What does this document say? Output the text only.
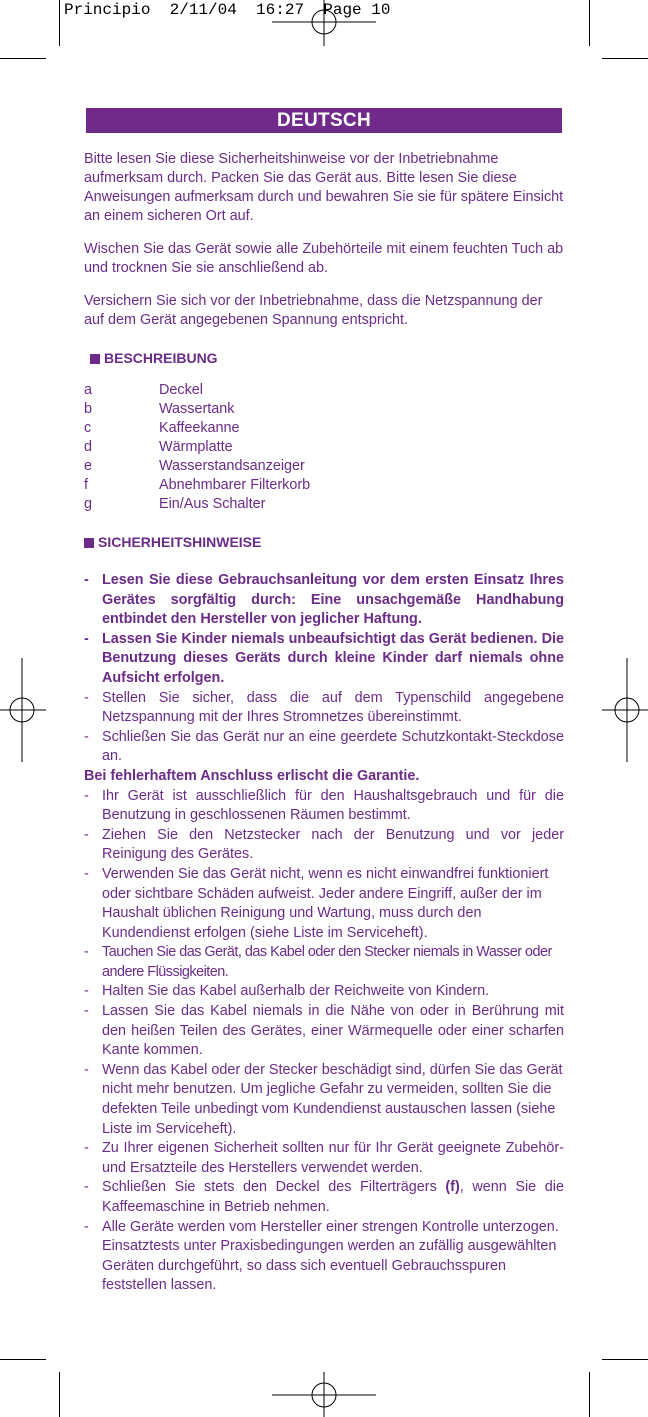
Principio  2/11/04  16:27  Page 10
DEUTSCH

Bitte lesen Sie diese Sicherheitshinweise vor der Inbetriebnahme aufmerksam durch. Packen Sie das Gerät aus. Bitte lesen Sie diese Anweisungen aufmerksam durch und bewahren Sie sie für spätere Einsicht an einem sicheren Ort auf.

Wischen Sie das Gerät sowie alle Zubehörteile mit einem feuchten Tuch ab und trocknen Sie sie anschließend ab.

Versichern Sie sich vor der Inbetriebnahme, dass die Netzspannung der auf dem Gerät angegebenen Spannung entspricht.

BESCHREIBUNG
a	Deckel
b	Wassertank
c	Kaffeekanne
d	Wärmplatte
e	Wasserstandsanzeiger
f	Abnehmbarer Filterkorb
g	Ein/Aus Schalter
SICHERHEITSHINWEISE
- Lesen Sie diese Gebrauchsanleitung vor dem ersten Einsatz Ihres Gerätes sorgfältig durch: Eine unsachgemäße Handhabung entbindet den Hersteller von jeglicher Haftung.
- Lassen Sie Kinder niemals unbeaufsichtigt das Gerät bedienen. Die Benutzung dieses Geräts durch kleine Kinder darf niemals ohne Aufsicht erfolgen.
- Stellen Sie sicher, dass die auf dem Typenschild angegebene Netzspannung mit der Ihres Stromnetzes übereinstimmt.
- Schließen Sie das Gerät nur an eine geerdete Schutzkontakt-Steckdose an.
Bei fehlerhaftem Anschluss erlischt die Garantie.
- Ihr Gerät ist ausschließlich für den Haushaltsgebrauch und für die Benutzung in geschlossenen Räumen bestimmt.
- Ziehen Sie den Netzstecker nach der Benutzung und vor jeder Reinigung des Gerätes.
- Verwenden Sie das Gerät nicht, wenn es nicht einwandfrei funktioniert oder sichtbare Schäden aufweist. Jeder andere Eingriff, außer der im Haushalt üblichen Reinigung und Wartung, muss durch den Kundendienst erfolgen (siehe Liste im Serviceheft).
- Tauchen Sie das Gerät, das Kabel oder den Stecker niemals in Wasser oder andere Flüssigkeiten.
- Halten Sie das Kabel außerhalb der Reichweite von Kindern.
- Lassen Sie das Kabel niemals in die Nähe von oder in Berührung mit den heißen Teilen des Gerätes, einer Wärmequelle oder einer scharfen Kante kommen.
- Wenn das Kabel oder der Stecker beschädigt sind, dürfen Sie das Gerät nicht mehr benutzen. Um jegliche Gefahr zu vermeiden, sollten Sie die defekten Teile unbedingt vom Kundendienst austauschen lassen (siehe Liste im Serviceheft).
- Zu Ihrer eigenen Sicherheit sollten nur für Ihr Gerät geeignete Zubehör- und Ersatzteile des Herstellers verwendet werden.
- Schließen Sie stets den Deckel des Filterträgers (f), wenn Sie die Kaffeemaschine in Betrieb nehmen.
- Alle Geräte werden vom Hersteller einer strengen Kontrolle unterzogen. Einsatztests unter Praxisbedingungen werden an zufällig ausgewählten Geräten durchgeführt, so dass sich eventuell Gebrauchsspuren feststellen lassen.
